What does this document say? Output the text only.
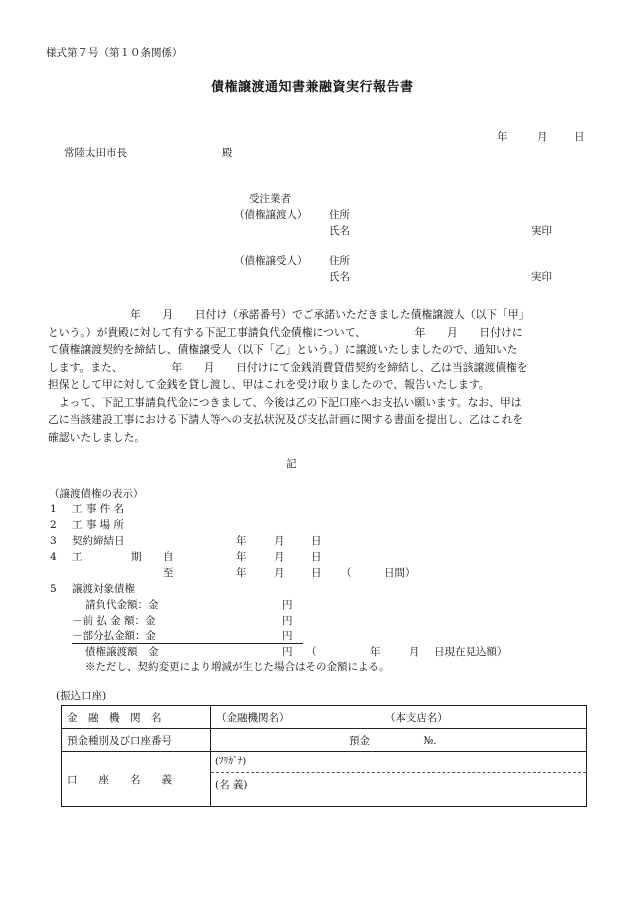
様式第７号（第１０条関係）
債権譲渡通知書兼融資実行報告書
年	月	日
常陸太田市長	殿
受注業者
（債権譲渡人） 住所
氏名	実印
（債権譲受人） 住所
氏名	実印

年　　月　　日付け（承諾番号）でご承諾いただきました債権譲渡人（以下「甲」

という。）が貴殿に対して有する下記工事請負代金債権について、　　　　　年　　月　　日付けに

て債権譲渡契約を締結し、債権譲受人（以下「乙」という。）に譲渡いたしましたので、通知いた

します。また、　　　　　年　　月　　日付けにて金銭消費貸借契約を締結し、乙は当該譲渡債権を

担保として甲に対して金銭を貸し渡し、甲はこれを受け取りましたので、報告いたします。

　よって、下記工事請負代金につきまして、今後は乙の下記口座へお支払い願います。なお、甲は

乙に当該建設工事における下請人等への支払状況及び支払計画に関する書面を提出し、乙はこれを

確認いたしました。

記
（譲渡債権の表示）
1 工 事 件 名
2 工 事 場 所
3 契約締結日	年	月	日
4 工	期 自	年	月	日
至	年	月	日 （	日間）
5 譲渡対象債権
請負代金額：金	円
－前 払 金 額：金	円
－部分払金額：金	円
債権譲渡額　金	円 （	年	月 日現在見込額）
※ただし、契約変更により増減が生じた場合はその金額による。
(振込口座)
金　融　機　関　名	（金融機関名） （本支店名）
預金種別及び口座番号	預金 №.
口　　座　　名　　義	(ﾌﾘｶﾞﾅ)
(名 義)
